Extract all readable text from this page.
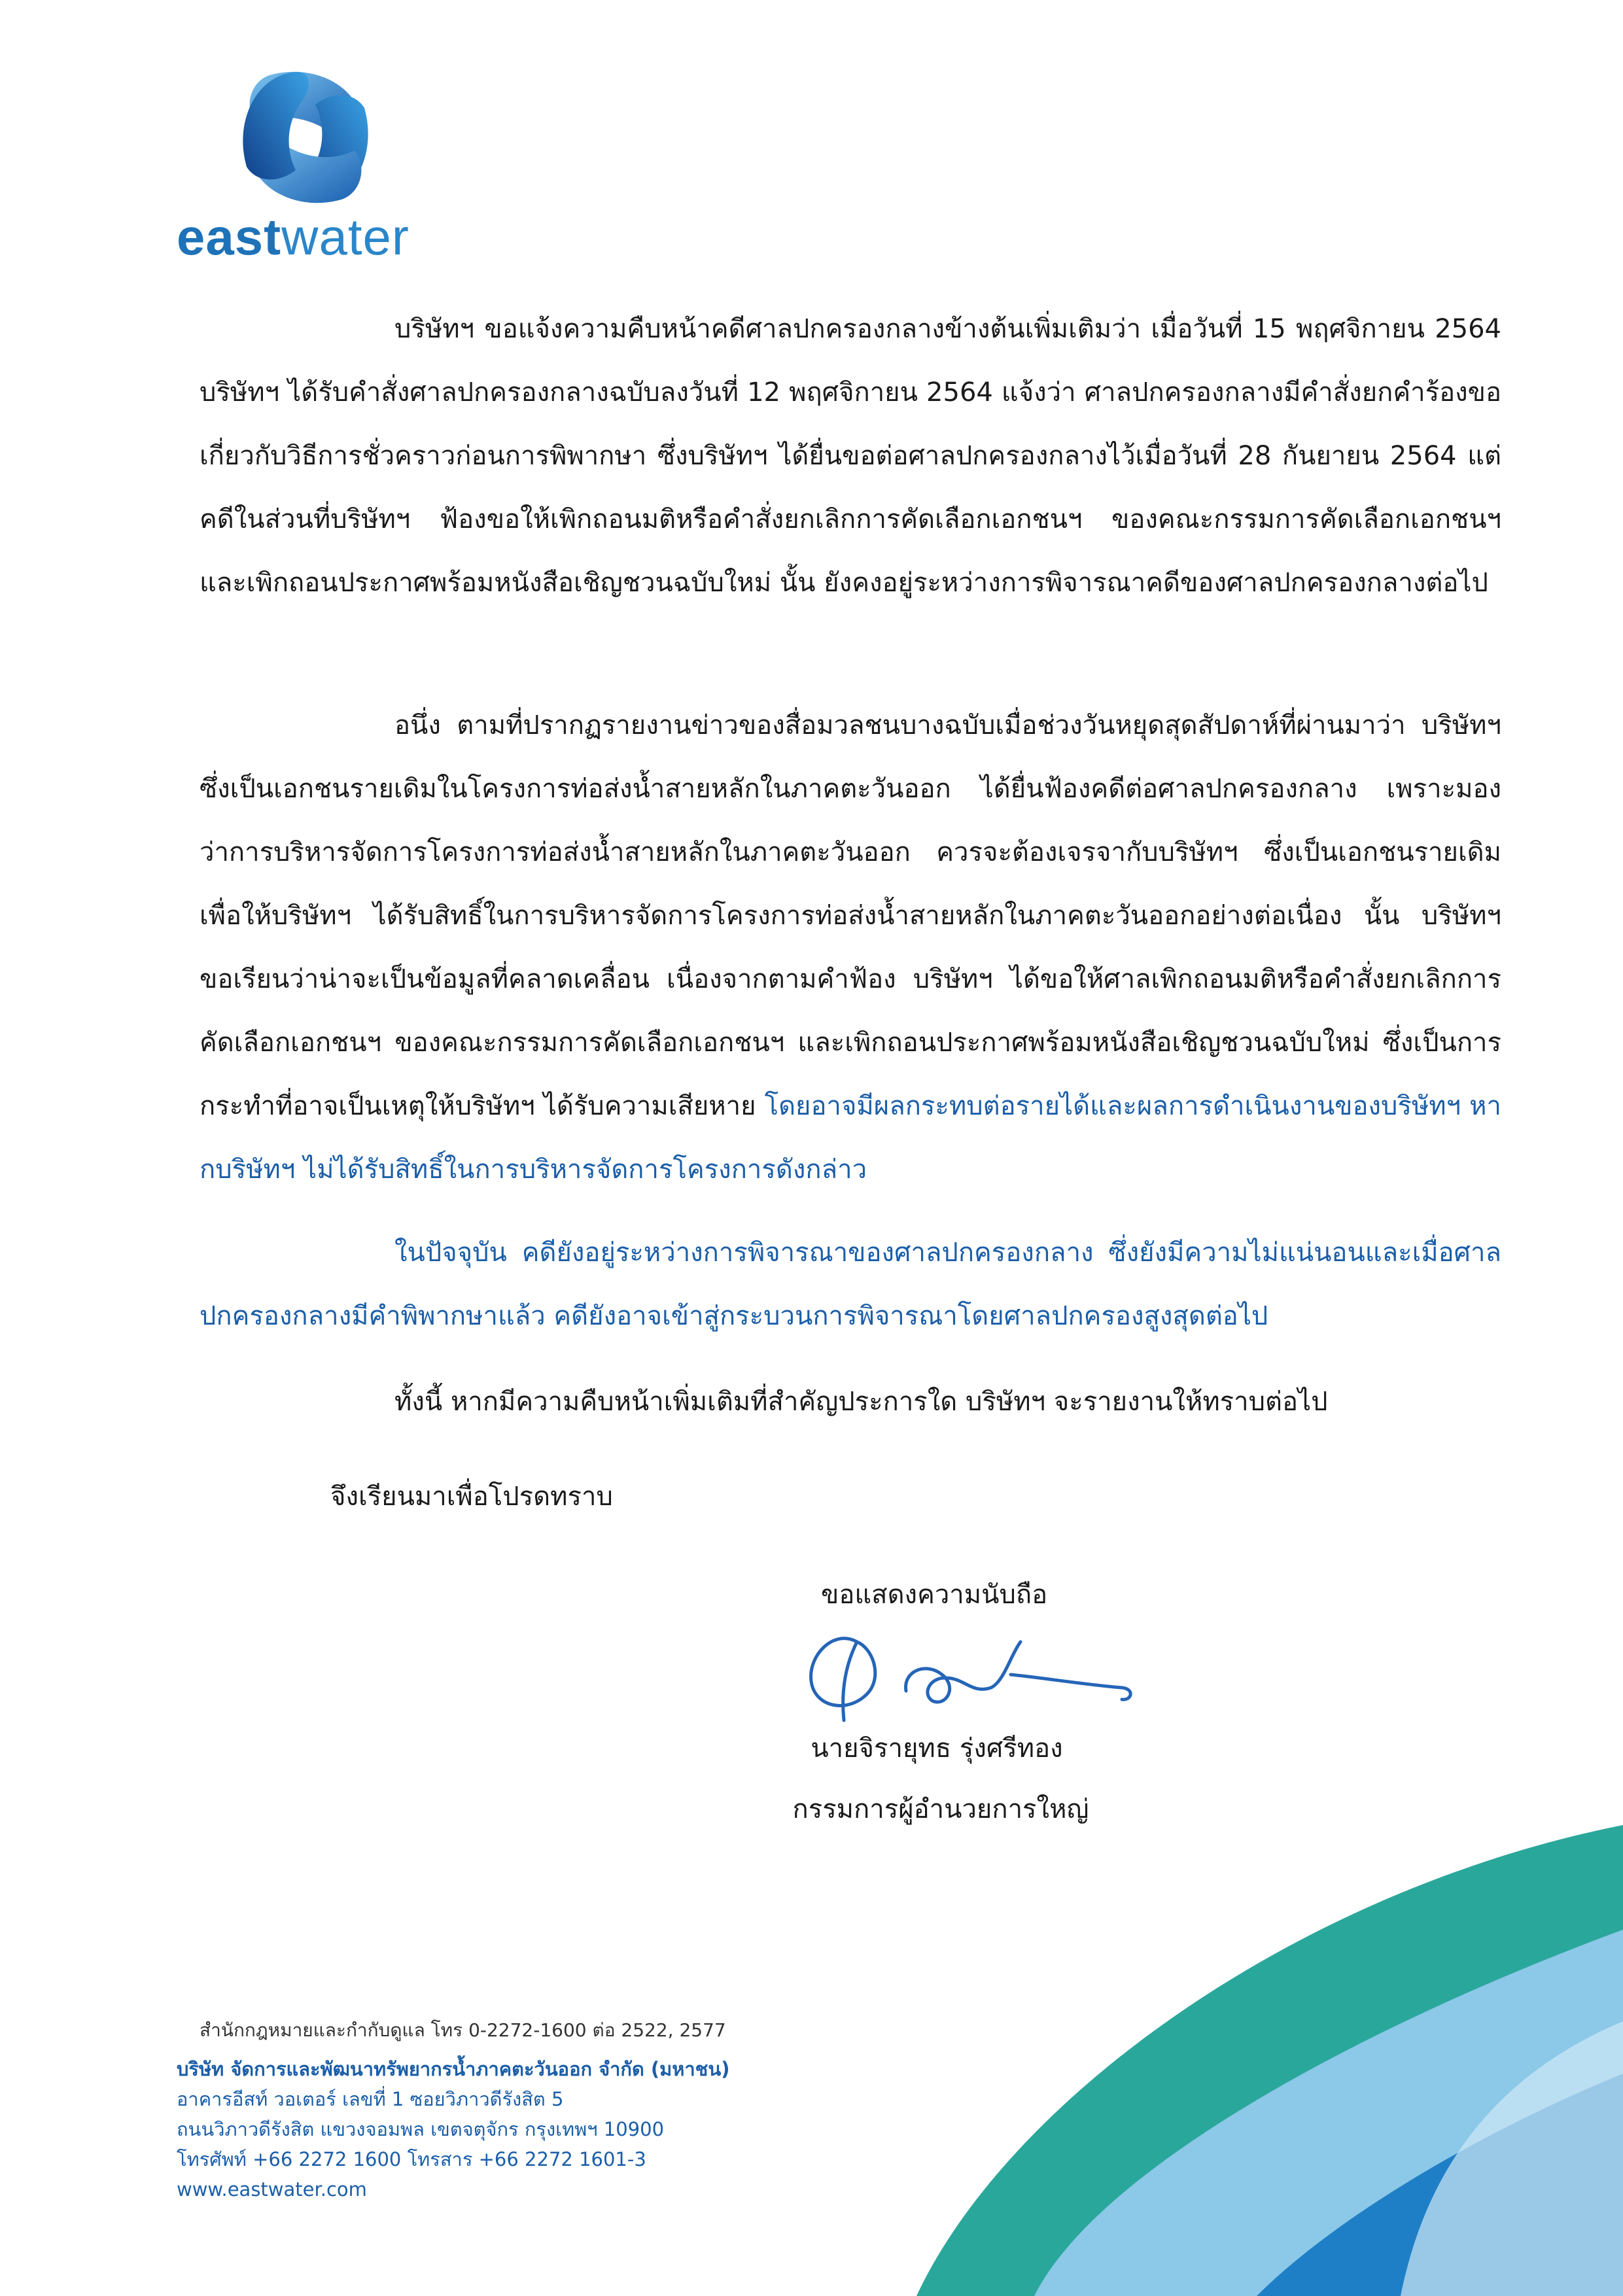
eastwater

บริษัทฯ ขอแจ้งความคืบหน้าคดีศาลปกครองกลางข้างต้นเพิ่มเติมว่า เมื่อวันที่ 15 พฤศจิกายน 2564 บริษัทฯ ได้รับคำสั่งศาลปกครองกลางฉบับลงวันที่ 12 พฤศจิกายน 2564 แจ้งว่า ศาลปกครองกลางมีคำสั่งยกคำร้องขอเกี่ยวกับวิธีการชั่วคราวก่อนการพิพากษา ซึ่งบริษัทฯ ได้ยื่นขอต่อศาลปกครองกลางไว้เมื่อวันที่ 28 กันยายน 2564 แต่คดีในส่วนที่บริษัทฯ ฟ้องขอให้เพิกถอนมติหรือคำสั่งยกเลิกการคัดเลือกเอกชนฯ ของคณะกรรมการคัดเลือกเอกชนฯ และเพิกถอนประกาศพร้อมหนังสือเชิญชวนฉบับใหม่ นั้น ยังคงอยู่ระหว่างการพิจารณาคดีของศาลปกครองกลางต่อไป

อนึ่ง ตามที่ปรากฏรายงานข่าวของสื่อมวลชนบางฉบับเมื่อช่วงวันหยุดสุดสัปดาห์ที่ผ่านมาว่า บริษัทฯ ซึ่งเป็นเอกชนรายเดิมในโครงการท่อส่งน้ำสายหลักในภาคตะวันออก ได้ยื่นฟ้องคดีต่อศาลปกครองกลาง เพราะมองว่าการบริหารจัดการโครงการท่อส่งน้ำสายหลักในภาคตะวันออก ควรจะต้องเจรจากับบริษัทฯ ซึ่งเป็นเอกชนรายเดิม เพื่อให้บริษัทฯ ได้รับสิทธิ์ในการบริหารจัดการโครงการท่อส่งน้ำสายหลักในภาคตะวันออกอย่างต่อเนื่อง นั้น บริษัทฯ ขอเรียนว่าน่าจะเป็นข้อมูลที่คลาดเคลื่อน เนื่องจากตามคำฟ้อง บริษัทฯ ได้ขอให้ศาลเพิกถอนมติหรือคำสั่งยกเลิกการคัดเลือกเอกชนฯ ของคณะกรรมการคัดเลือกเอกชนฯ และเพิกถอนประกาศพร้อมหนังสือเชิญชวนฉบับใหม่ ซึ่งเป็นการกระทำที่อาจเป็นเหตุให้บริษัทฯ ได้รับความเสียหาย โดยอาจมีผลกระทบต่อรายได้และผลการดำเนินงานของบริษัทฯ หากบริษัทฯ ไม่ได้รับสิทธิ์ในการบริหารจัดการโครงการดังกล่าว

ในปัจจุบัน คดียังอยู่ระหว่างการพิจารณาของศาลปกครองกลาง ซึ่งยังมีความไม่แน่นอนและเมื่อศาลปกครองกลางมีคำพิพากษาแล้ว คดียังอาจเข้าสู่กระบวนการพิจารณาโดยศาลปกครองสูงสุดต่อไป

ทั้งนี้ หากมีความคืบหน้าเพิ่มเติมที่สำคัญประการใด บริษัทฯ จะรายงานให้ทราบต่อไป

จึงเรียนมาเพื่อโปรดทราบ
ขอแสดงความนับถือ
นายจิรายุทธ รุ่งศรีทอง
กรรมการผู้อำนวยการใหญ่
สำนักกฎหมายและกำกับดูแล โทร 0-2272-1600 ต่อ 2522, 2577
บริษัท จัดการและพัฒนาทรัพยากรน้ำภาคตะวันออก จำกัด (มหาชน)
อาคารอีสท์ วอเตอร์ เลขที่ 1 ซอยวิภาวดีรังสิต 5
ถนนวิภาวดีรังสิต แขวงจอมพล เขตจตุจักร กรุงเทพฯ 10900
โทรศัพท์ +66 2272 1600 โทรสาร +66 2272 1601-3
www.eastwater.com
